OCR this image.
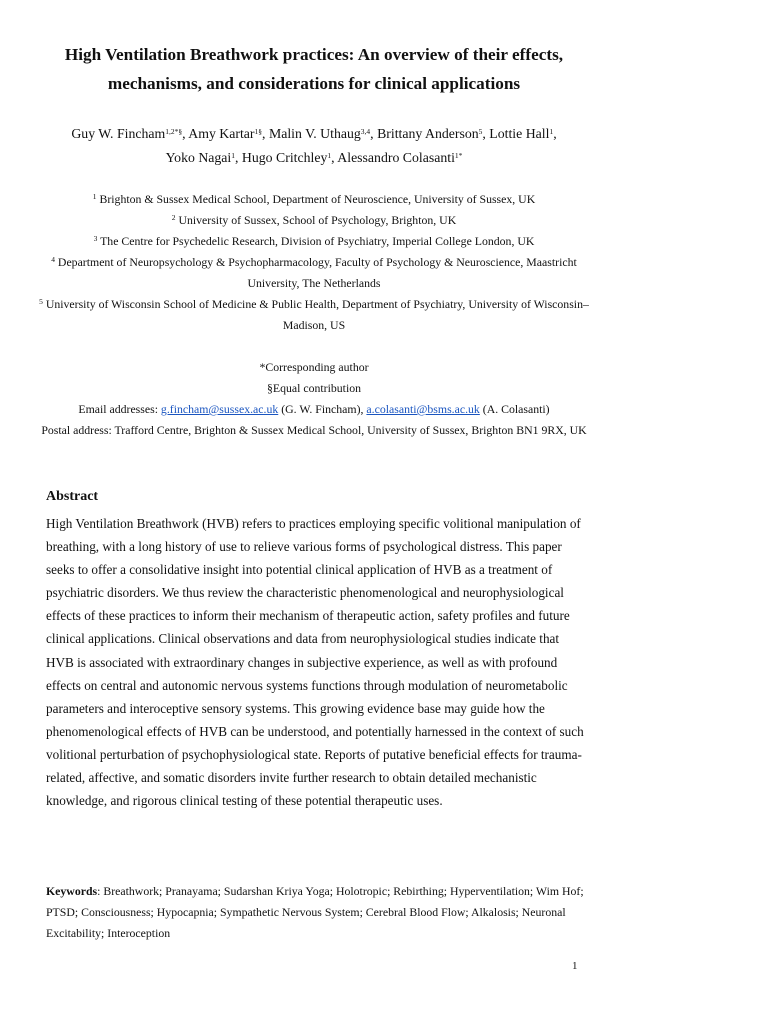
High Ventilation Breathwork practices: An overview of their effects,
mechanisms, and considerations for clinical applications
Guy W. Fincham$^{1,2*\S}$, Amy Kartar$^{1\S}$, Malin V. Uthaug$^{3,4}$, Brittany Anderson$^5$, Lottie Hall$^1$,
Yoko Nagai$^1$, Hugo Critchley$^1$, Alessandro Colasanti$^{1*}$
$^1$ Brighton & Sussex Medical School, Department of Neuroscience, University of Sussex, UK
$^2$ University of Sussex, School of Psychology, Brighton, UK
$^3$ The Centre for Psychedelic Research, Division of Psychiatry, Imperial College London, UK
$^4$ Department of Neuropsychology & Psychopharmacology, Faculty of Psychology & Neuroscience, Maastricht University, The Netherlands
$^5$ University of Wisconsin School of Medicine & Public Health, Department of Psychiatry, University of Wisconsin–Madison, US
*Corresponding author
§Equal contribution
Email addresses: g.fincham@sussex.ac.uk (G. W. Fincham), a.colasanti@bsms.ac.uk (A. Colasanti)
Postal address: Trafford Centre, Brighton & Sussex Medical School, University of Sussex, Brighton BN1 9RX, UK
Abstract
High Ventilation Breathwork (HVB) refers to practices employing specific volitional manipulation of breathing, with a long history of use to relieve various forms of psychological distress. This paper seeks to offer a consolidative insight into potential clinical application of HVB as a treatment of psychiatric disorders. We thus review the characteristic phenomenological and neurophysiological effects of these practices to inform their mechanism of therapeutic action, safety profiles and future clinical applications. Clinical observations and data from neurophysiological studies indicate that HVB is associated with extraordinary changes in subjective experience, as well as with profound effects on central and autonomic nervous systems functions through modulation of neurometabolic parameters and interoceptive sensory systems. This growing evidence base may guide how the phenomenological effects of HVB can be understood, and potentially harnessed in the context of such volitional perturbation of psychophysiological state. Reports of putative beneficial effects for trauma-related, affective, and somatic disorders invite further research to obtain detailed mechanistic knowledge, and rigorous clinical testing of these potential therapeutic uses.
Keywords: Breathwork; Pranayama; Sudarshan Kriya Yoga; Holotropic; Rebirthing; Hyperventilation; Wim Hof; PTSD; Consciousness; Hypocapnia; Sympathetic Nervous System; Cerebral Blood Flow; Alkalosis; Neuronal Excitability; Interoception
1
